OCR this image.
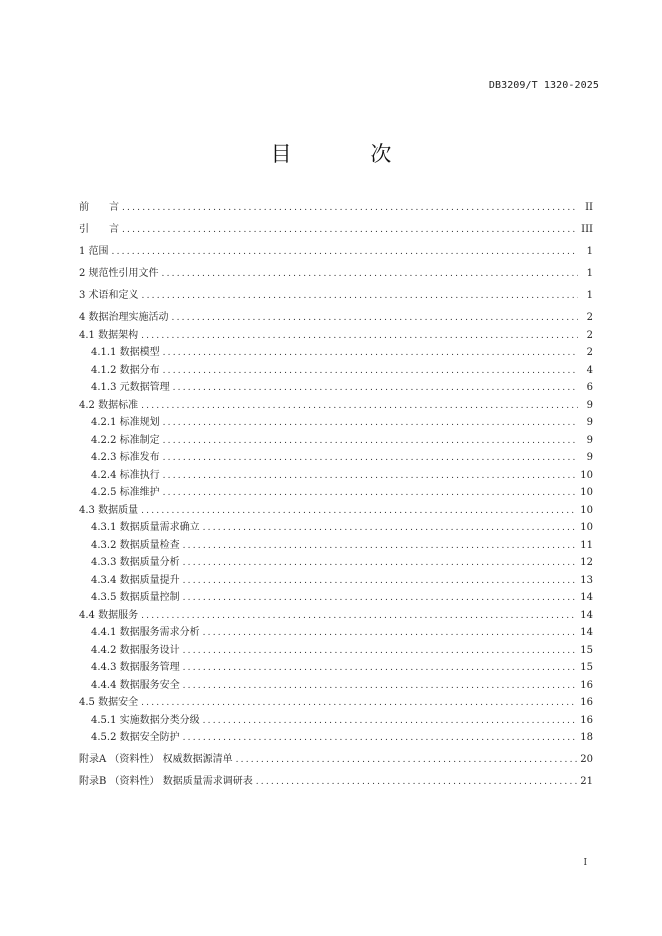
DB3209/T 1320-2025
目 次
前　　言 .....	II
引　　言 .....	III
1 范围 .....	1
2 规范性引用文件 .....	1
3 术语和定义 .....	1
4 数据治理实施活动 .....	2
4.1 数据架构 .....	2
4.1.1 数据模型 .....	2
4.1.2 数据分布 .....	4
4.1.3 元数据管理 .....	6
4.2 数据标准 .....	9
4.2.1 标准规划 .....	9
4.2.2 标准制定 .....	9
4.2.3 标准发布 .....	9
4.2.4 标准执行 .....	10
4.2.5 标准维护 .....	10
4.3 数据质量 .....	10
4.3.1 数据质量需求确立 .....	10
4.3.2 数据质量检查 .....	11
4.3.3 数据质量分析 .....	12
4.3.4 数据质量提升 .....	13
4.3.5 数据质量控制 .....	14
4.4 数据服务 .....	14
4.4.1 数据服务需求分析 .....	14
4.4.2 数据服务设计 .....	15
4.4.3 数据服务管理 .....	15
4.4.4 数据服务安全 .....	16
4.5 数据安全 .....	16
4.5.1 实施数据分类分级 .....	16
4.5.2 数据安全防护 .....	18
附录A （资料性） 权威数据源清单 .....	20
附录B （资料性） 数据质量需求调研表 .....	21
I
